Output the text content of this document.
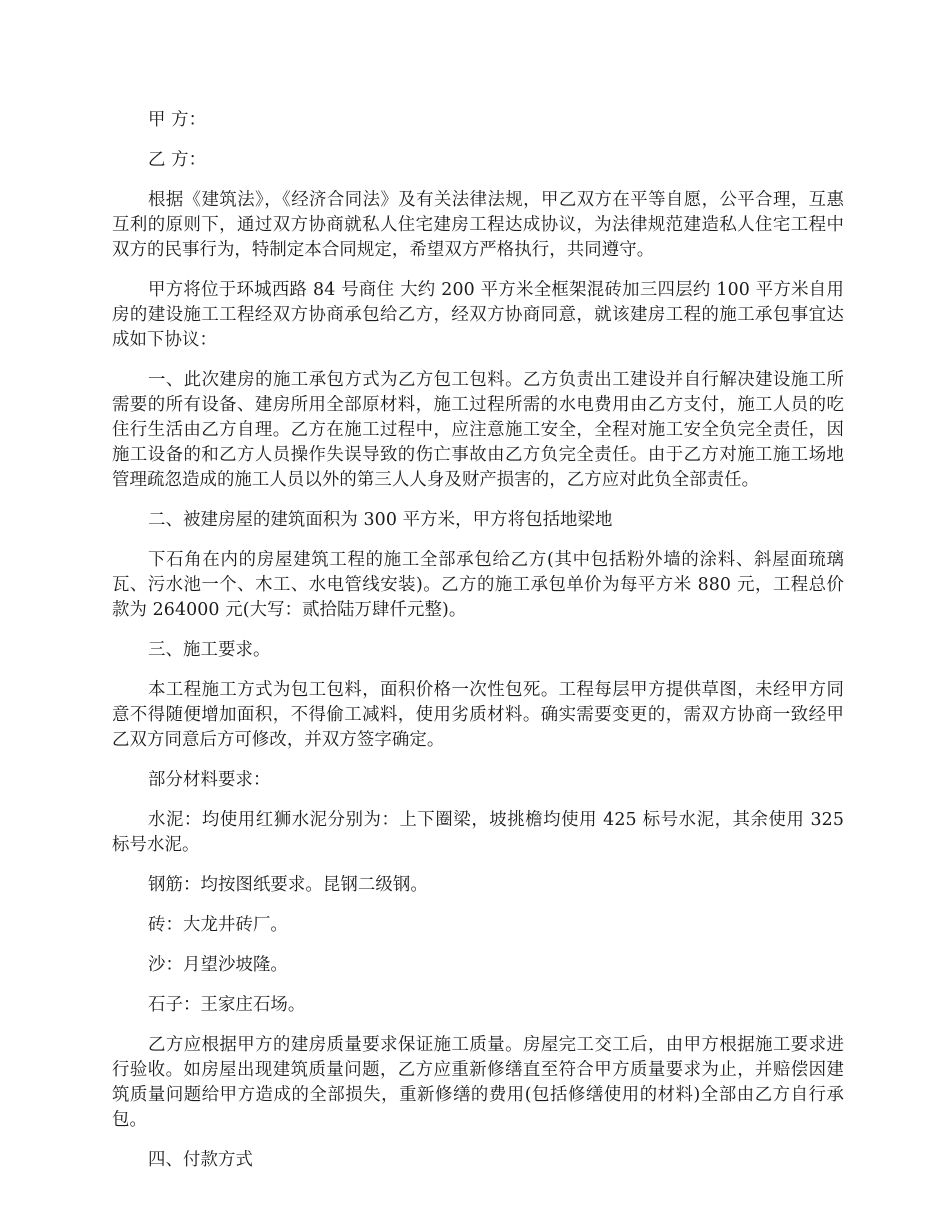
甲 方：

乙 方：

根据《建筑法》，《经济合同法》及有关法律法规，甲乙双方在平等自愿，公平合理，互惠互利的原则下，通过双方协商就私人住宅建房工程达成协议，为法律规范建造私人住宅工程中双方的民事行为，特制定本合同规定，希望双方严格执行，共同遵守。

甲方将位于环城西路 84 号商住 大约 200 平方米全框架混砖加三四层约 100 平方米自用房的建设施工工程经双方协商承包给乙方，经双方协商同意，就该建房工程的施工承包事宜达成如下协议：

一、此次建房的施工承包方式为乙方包工包料。乙方负责出工建设并自行解决建设施工所需要的所有设备、建房所用全部原材料，施工过程所需的水电费用由乙方支付，施工人员的吃住行生活由乙方自理。乙方在施工过程中，应注意施工安全，全程对施工安全负完全责任，因施工设备的和乙方人员操作失误导致的伤亡事故由乙方负完全责任。由于乙方对施工施工场地管理疏忽造成的施工人员以外的第三人人身及财产损害的，乙方应对此负全部责任。

二、被建房屋的建筑面积为 300 平方米，甲方将包括地梁地

下石角在内的房屋建筑工程的施工全部承包给乙方(其中包括粉外墙的涂料、斜屋面琉璃瓦、污水池一个、木工、水电管线安装)。乙方的施工承包单价为每平方米 880 元，工程总价款为 264000 元(大写：贰拾陆万肆仟元整)。

三、施工要求。

本工程施工方式为包工包料，面积价格一次性包死。工程每层甲方提供草图，未经甲方同意不得随便增加面积，不得偷工减料，使用劣质材料。确实需要变更的，需双方协商一致经甲乙双方同意后方可修改，并双方签字确定。

部分材料要求：

水泥：均使用红狮水泥分别为：上下圈梁，坡挑檐均使用 425 标号水泥，其余使用 325 标号水泥。

钢筋：均按图纸要求。昆钢二级钢。

砖：大龙井砖厂。

沙：月望沙坡隆。

石子：王家庄石场。

乙方应根据甲方的建房质量要求保证施工质量。房屋完工交工后，由甲方根据施工要求进行验收。如房屋出现建筑质量问题，乙方应重新修缮直至符合甲方质量要求为止，并赔偿因建筑质量问题给甲方造成的全部损失，重新修缮的费用(包括修缮使用的材料)全部由乙方自行承包。

四、付款方式
